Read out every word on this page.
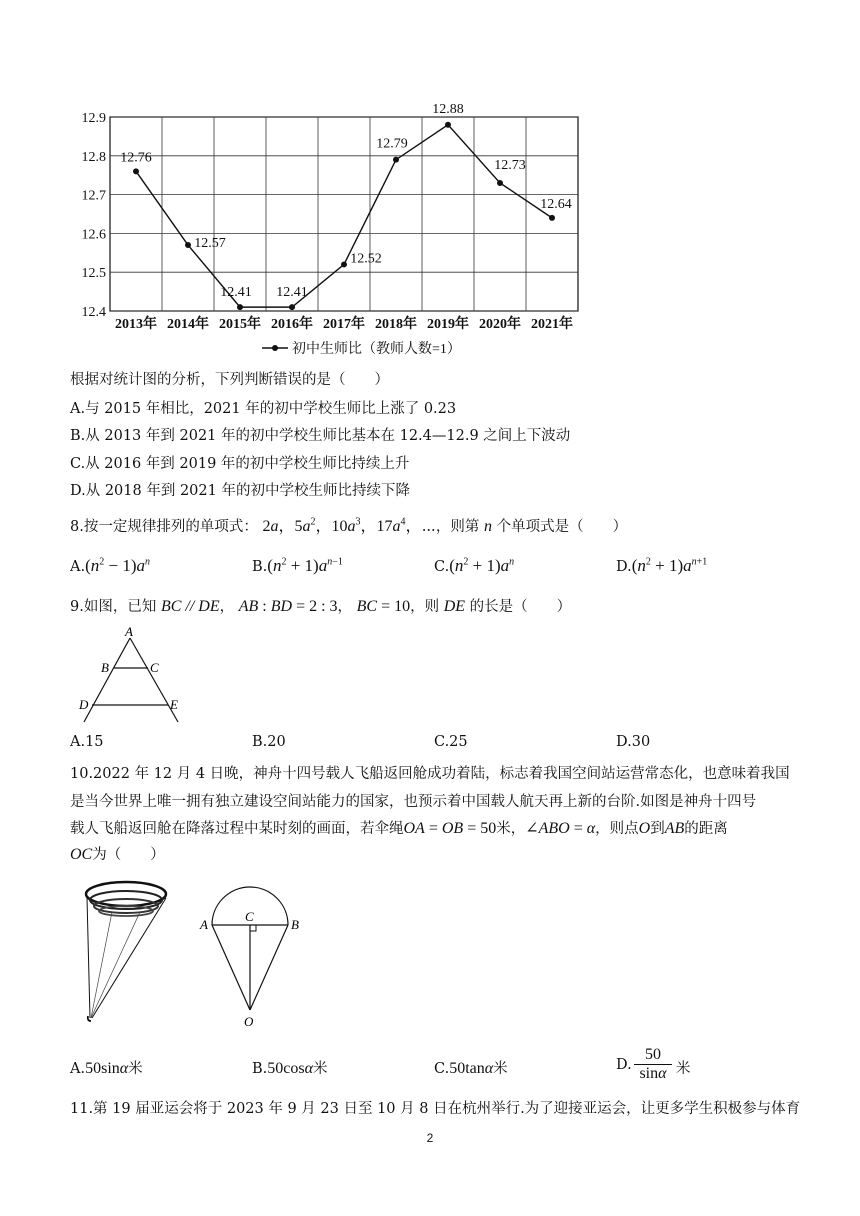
12.9
12.8
12.7
12.6
12.5
12.4
2013年 2014年 2015年 2016年 2017年 2018年 2019年 2020年 2021年
12.76
12.57
12.41 12.41
12.52
12.79
12.88
12.73
12.64
初中生师比（教师人数=1）
根据对统计图的分析，下列判断错误的是（　　）
A.与 2015 年相比，2021 年的初中学校生师比上涨了 0.23
B.从 2013 年到 2021 年的初中学校生师比基本在 12.4—12.9 之间上下波动
C.从 2016 年到 2019 年的初中学校生师比持续上升
D.从 2018 年到 2021 年的初中学校生师比持续下降
8.按一定规律排列的单项式： 2a，$5a^2$，$10a^3$，$17a^4$，⋯，则第 n 个单项式是（　　）
$A.(n^2 - 1)a^n$	$B.(n^2 + 1)a^{n-1}$	$C.(n^2 + 1)a^n$	$D.(n^2 + 1)a^{n+1}$
9.如图，已知 BC // DE， AB : BD = 2 : 3， BC = 10，则 DE 的长是（　　）
A
B	C
D	E
A.15	B.20	C.25	D.30
10.2022 年 12 月 4 日晚，神舟十四号载人飞船返回舱成功着陆，标志着我国空间站运营常态化，也意味着我国
是当今世界上唯一拥有独立建设空间站能力的国家，也预示着中国载人航天再上新的台阶.如图是神舟十四号
载人飞船返回舱在降落过程中某时刻的画面，若伞绳OA = OB = 50米，∠ABO = α，则点O到AB的距离
OC为（　　）
A	B
C
O
A.50sinα米	B.50cosα米	C.50tanα米	D.
50
sinα 米
11.第 19 届亚运会将于 2023 年 9 月 23 日至 10 月 8 日在杭州举行.为了迎接亚运会，让更多学生积极参与体育
2
